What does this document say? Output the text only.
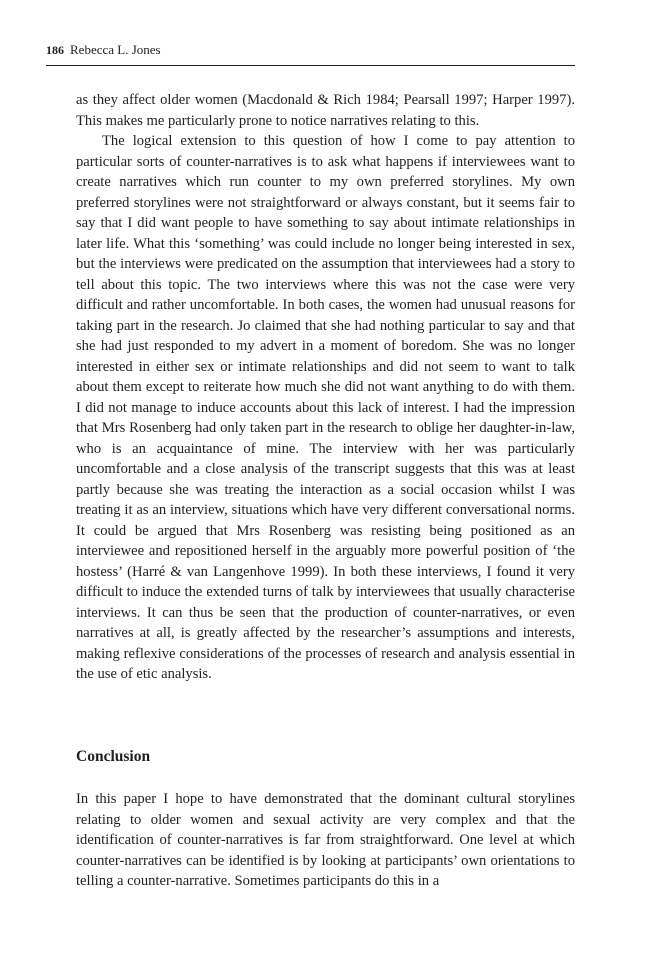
186 Rebecca L. Jones

as they affect older women (Macdonald & Rich 1984; Pearsall 1997; Harper 1997). This makes me particularly prone to notice narratives relating to this.

The logical extension to this question of how I come to pay attention to particular sorts of counter-narratives is to ask what happens if interviewees want to create narratives which run counter to my own preferred storylines. My own preferred storylines were not straightforward or always constant, but it seems fair to say that I did want people to have something to say about intimate relationships in later life. What this ‘something’ was could include no longer being interested in sex, but the interviews were predicated on the assumption that interviewees had a story to tell about this topic. The two interviews where this was not the case were very difficult and rather uncomfortable. In both cases, the women had unusual reasons for taking part in the research. Jo claimed that she had nothing particular to say and that she had just responded to my advert in a moment of boredom. She was no longer interested in either sex or intimate relationships and did not seem to want to talk about them except to reiterate how much she did not want anything to do with them. I did not manage to induce accounts about this lack of interest. I had the impression that Mrs Rosenberg had only taken part in the research to oblige her daughter-in-law, who is an acquaintance of mine. The interview with her was particularly uncomfortable and a close analysis of the transcript suggests that this was at least partly because she was treating the interaction as a social occasion whilst I was treating it as an interview, situations which have very different conversational norms. It could be argued that Mrs Rosenberg was resisting being positioned as an interviewee and repositioned herself in the arguably more powerful position of ‘the hostess’ (Harré & van Langenhove 1999). In both these interviews, I found it very difficult to induce the extended turns of talk by interviewees that usually characterise interviews. It can thus be seen that the production of counter-narratives, or even narratives at all, is greatly affected by the researcher’s assumptions and interests, making reflexive considerations of the processes of research and analysis essential in the use of etic analysis.

Conclusion

In this paper I hope to have demonstrated that the dominant cultural storylines relating to older women and sexual activity are very complex and that the identification of counter-narratives is far from straightforward. One level at which counter-narratives can be identified is by looking at participants’ own orientations to telling a counter-narrative. Sometimes participants do this in a
